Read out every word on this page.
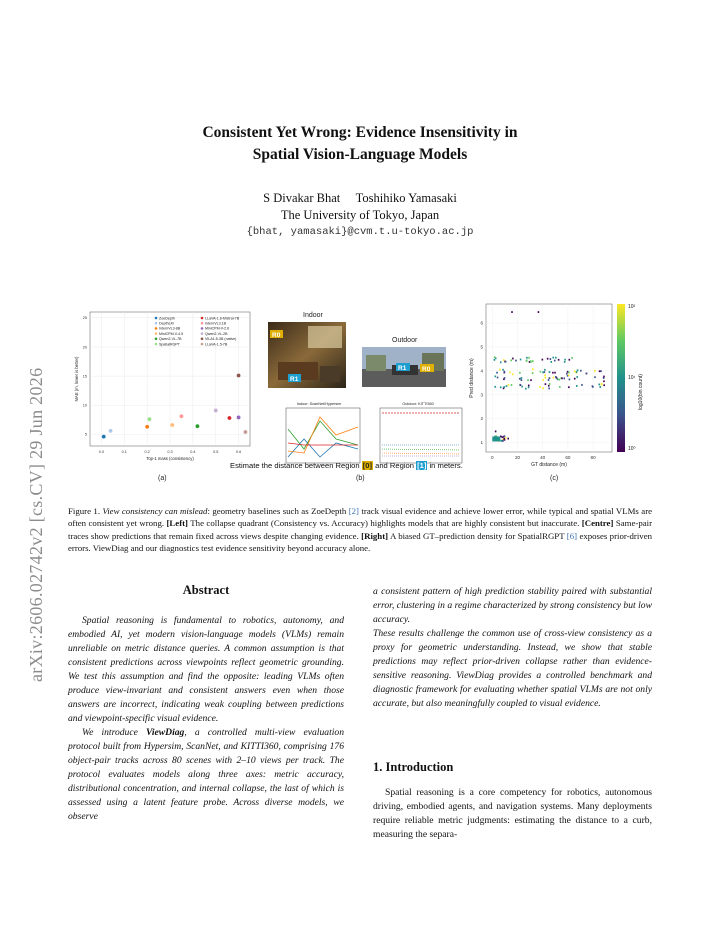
arXiv:2606.02742v2 [cs.CV] 29 Jun 2026
Consistent Yet Wrong: Evidence Insensitivity in
Spatial Vision-Language Models
S Divakar Bhat     Toshihiko Yamasaki
The University of Tokyo, Japan
{bhat, yamasaki}@cvm.t.u-tokyo.ac.jp
0.0	0.1	0.2	0.3	0.4	0.5	0.6
5
10
15
20
25
Top-1 mass (consistency)
MAE (m, lower is better)
ZoeDepth
DepthLM
InternVL3-8B
MiniCPM-V-4.5
Qwen2-VL-7B
SpatialRGPT
LLaVA-1.6-Mistral-7B
InternVL3.1B
MiniCPM-V-2.6
Qwen2-VL-2B
VILA1.5-3B (native)
LLaVA-1.5-7B
(a)
Indoor
R0
R1
Outdoor
R1 R0
Indoor: ScanNet/Hypersim	Outdoor: KITTI360
(b)
Estimate the distance between Region [0] and Region [1] in meters.
0	20	40	60	80
1
2
3
4
5
6
GT distance (m)
Pred distance (m)
10²
10¹
10⁰
log10(bin count)
(c)
Figure 1. View consistency can mislead: geometry baselines such as ZoeDepth [2] track visual evidence and achieve lower error, while typical and spatial VLMs are often consistent yet wrong. [Left] The collapse quadrant (Consistency vs. Accuracy) highlights models that are highly consistent but inaccurate. [Centre] Same-pair traces show predictions that remain fixed across views despite changing evidence. [Right] A biased GT–prediction density for SpatialRGPT [6] exposes prior-driven errors. ViewDiag and our diagnostics test evidence sensitivity beyond accuracy alone.
Abstract

Spatial reasoning is fundamental to robotics, autonomy, and embodied AI, yet modern vision-language models (VLMs) remain unreliable on metric distance queries. A common assumption is that consistent predictions across viewpoints reflect geometric grounding. We test this assumption and find the opposite: leading VLMs often produce view-invariant and consistent answers even when those answers are incorrect, indicating weak coupling between predictions and viewpoint-specific visual evidence.

We introduce ViewDiag, a controlled multi-view evaluation protocol built from Hypersim, ScanNet, and KITTI360, comprising 176 object-pair tracks across 80 scenes with 2–10 views per track. The protocol evaluates models along three axes: metric accuracy, distributional concentration, and internal collapse, the last of which is assessed using a latent feature probe. Across diverse models, we observe

a consistent pattern of high prediction stability paired with substantial error, clustering in a regime characterized by strong consistency but low accuracy.

These results challenge the common use of cross-view consistency as a proxy for geometric understanding. Instead, we show that stable predictions may reflect prior-driven collapse rather than evidence-sensitive reasoning. ViewDiag provides a controlled benchmark and diagnostic framework for evaluating whether spatial VLMs are not only accurate, but also meaningfully coupled to visual evidence.

1. Introduction
Spatial reasoning is a core competency for robotics, autonomous driving, embodied agents, and navigation systems. Many deployments require reliable metric judgments: estimating the distance to a curb, measuring the separa-
